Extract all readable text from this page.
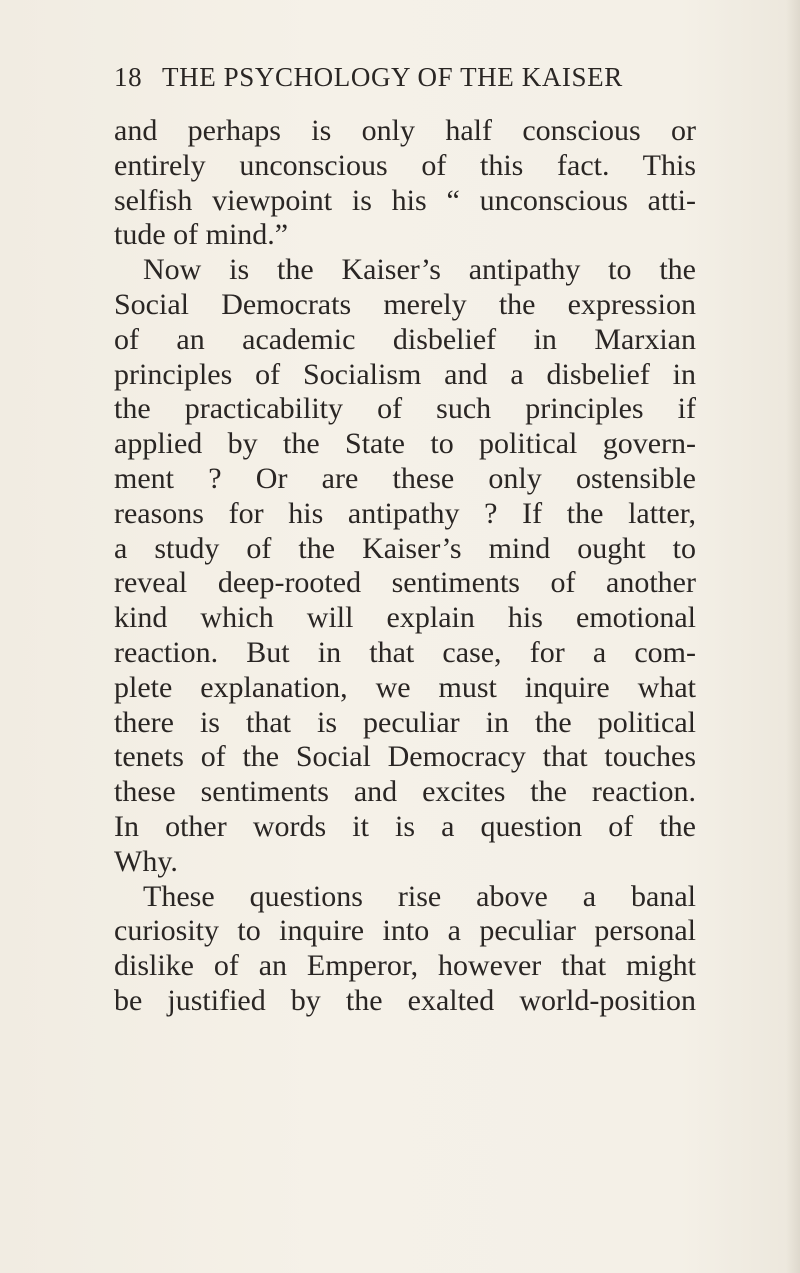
18 THE PSYCHOLOGY OF THE KAISER
and perhaps is only half conscious or
entirely unconscious of this fact. This
selfish viewpoint is his “ unconscious atti-
tude of mind.”
Now is the Kaiser’s antipathy to the
Social Democrats merely the expression
of an academic disbelief in Marxian
principles of Socialism and a disbelief in
the practicability of such principles if
applied by the State to political govern-
ment ? Or are these only ostensible
reasons for his antipathy ? If the latter,
a study of the Kaiser’s mind ought to
reveal deep-rooted sentiments of another
kind which will explain his emotional
reaction. But in that case, for a com-
plete explanation, we must inquire what
there is that is peculiar in the political
tenets of the Social Democracy that touches
these sentiments and excites the reaction.
In other words it is a question of the
Why.
These questions rise above a banal
curiosity to inquire into a peculiar personal
dislike of an Emperor, however that might
be justified by the exalted world-position
